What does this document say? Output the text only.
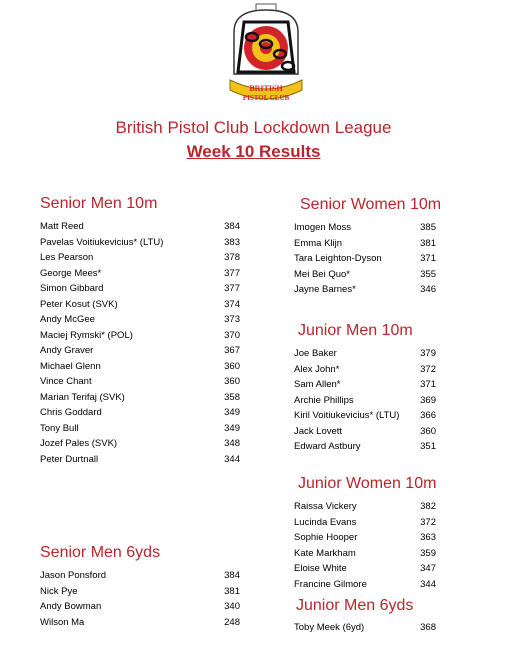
BRITISH
PISTOL CLUB
British Pistol Club Lockdown League
Week 10 Results
Senior Men 10m
Matt Reed	384
Pavelas Voitiukevicius* (LTU)	383
Les Pearson	378
George Mees*	377
Simon Gibbard	377
Peter Kosut (SVK)	374
Andy McGee	373
Maciej Rymski* (POL)	370
Andy Graver	367
Michael Glenn	360
Vince Chant	360
Marian Terifaj (SVK)	358
Chris Goddard	349
Tony Bull	349
Jozef Pales (SVK)	348
Peter Durtnall	344
Senior Men 6yds
Jason Ponsford	384
Nick Pye	381
Andy Bowman	340
Wilson Ma	248
Senior Women 10m
Imogen Moss	385
Emma Klijn	381
Tara Leighton-Dyson	371
Mei Bei Quo*	355
Jayne Barnes*	346
Junior Men 10m
Joe Baker	379
Alex John*	372
Sam Allen*	371
Archie Phillips	369
Kiril Voitiukevicius* (LTU)	366
Jack Lovett	360
Edward Astbury	351
Junior Women 10m
Raissa Vickery	382
Lucinda Evans	372
Sophie Hooper	363
Kate Markham	359
Eloise White	347
Francine Gilmore	344
Junior Men 6yds
Toby Meek (6yd)	368
